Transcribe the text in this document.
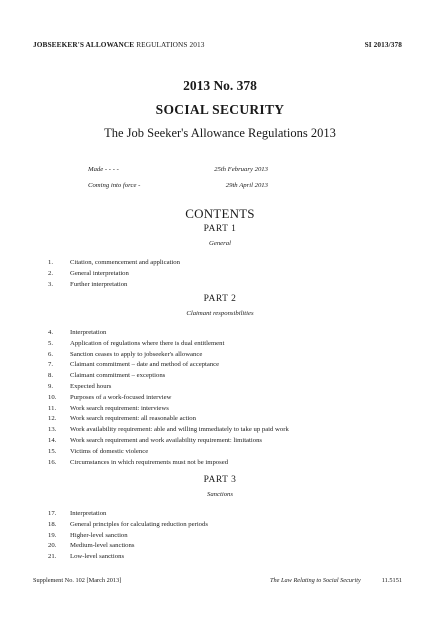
JOBSEEKER'S ALLOWANCE REGULATIONS 2013	SI 2013/378
2013 No. 378
SOCIAL SECURITY
The Job Seeker's Allowance Regulations 2013
Made - - - -	25th February 2013
Coming into force -	29th April 2013
CONTENTS
PART 1
General
1.	Citation, commencement and application
2.	General interpretation
3.	Further interpretation
PART 2
Claimant responsibilities
4.	Interpretation
5.	Application of regulations where there is dual entitlement
6.	Sanction ceases to apply to jobseeker's allowance
7.	Claimant commitment – date and method of acceptance
8.	Claimant commitment – exceptions
9.	Expected hours
10. Purposes of a work-focused interview
11. Work search requirement: interviews
12. Work search requirement: all reasonable action
13. Work availability requirement: able and willing immediately to take up paid work
14. Work search requirement and work availability requirement: limitations
15. Victims of domestic violence
16. Circumstances in which requirements must not be imposed
PART 3
Sanctions
17. Interpretation
18. General principles for calculating reduction periods
19. Higher-level sanction
20. Medium-level sanctions
21. Low-level sanctions
Supplement No. 102 [March 2013]	The Law Relating to Social Security	11.5151
